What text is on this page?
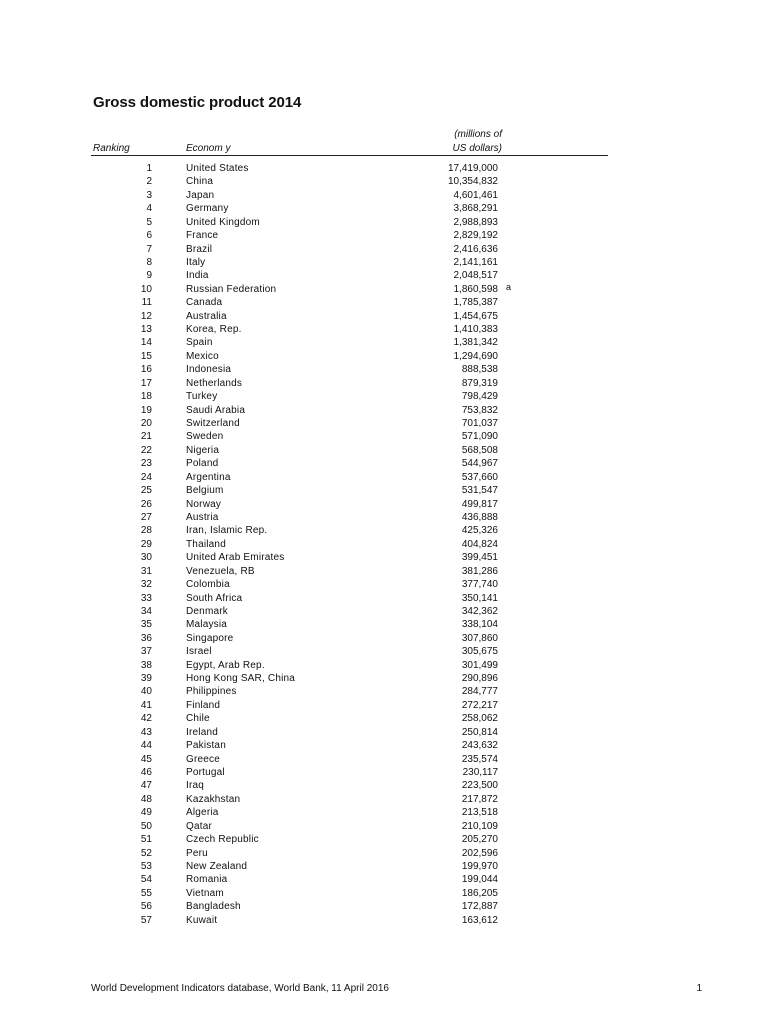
Gross domestic product 2014
Ranking	Econom y
(millions of
US dollars)
1	United States	17,419,000
2	China	10,354,832
3	Japan	4,601,461
4	Germany	3,868,291
5	United Kingdom	2,988,893
6	France	2,829,192
7	Brazil	2,416,636
8	Italy	2,141,161
9	India	2,048,517
10	Russian Federation	1,860,598 a
11	Canada	1,785,387
12	Australia	1,454,675
13	Korea, Rep.	1,410,383
14	Spain	1,381,342
15	Mexico	1,294,690
16	Indonesia	888,538
17	Netherlands	879,319
18	Turkey	798,429
19	Saudi Arabia	753,832
20	Switzerland	701,037
21	Sweden	571,090
22	Nigeria	568,508
23	Poland	544,967
24	Argentina	537,660
25	Belgium	531,547
26	Norway	499,817
27	Austria	436,888
28	Iran, Islamic Rep.	425,326
29	Thailand	404,824
30	United Arab Emirates	399,451
31	Venezuela, RB	381,286
32	Colombia	377,740
33	South Africa	350,141
34	Denmark	342,362
35	Malaysia	338,104
36	Singapore	307,860
37	Israel	305,675
38	Egypt, Arab Rep.	301,499
39	Hong Kong SAR, China	290,896
40	Philippines	284,777
41	Finland	272,217
42	Chile	258,062
43	Ireland	250,814
44	Pakistan	243,632
45	Greece	235,574
46	Portugal	230,117
47	Iraq	223,500
48	Kazakhstan	217,872
49	Algeria	213,518
50	Qatar	210,109
51	Czech Republic	205,270
52	Peru	202,596
53	New Zealand	199,970
54	Romania	199,044
55	Vietnam	186,205
56	Bangladesh	172,887
57	Kuwait	163,612
World Development Indicators database, World Bank, 11 April 2016	1
